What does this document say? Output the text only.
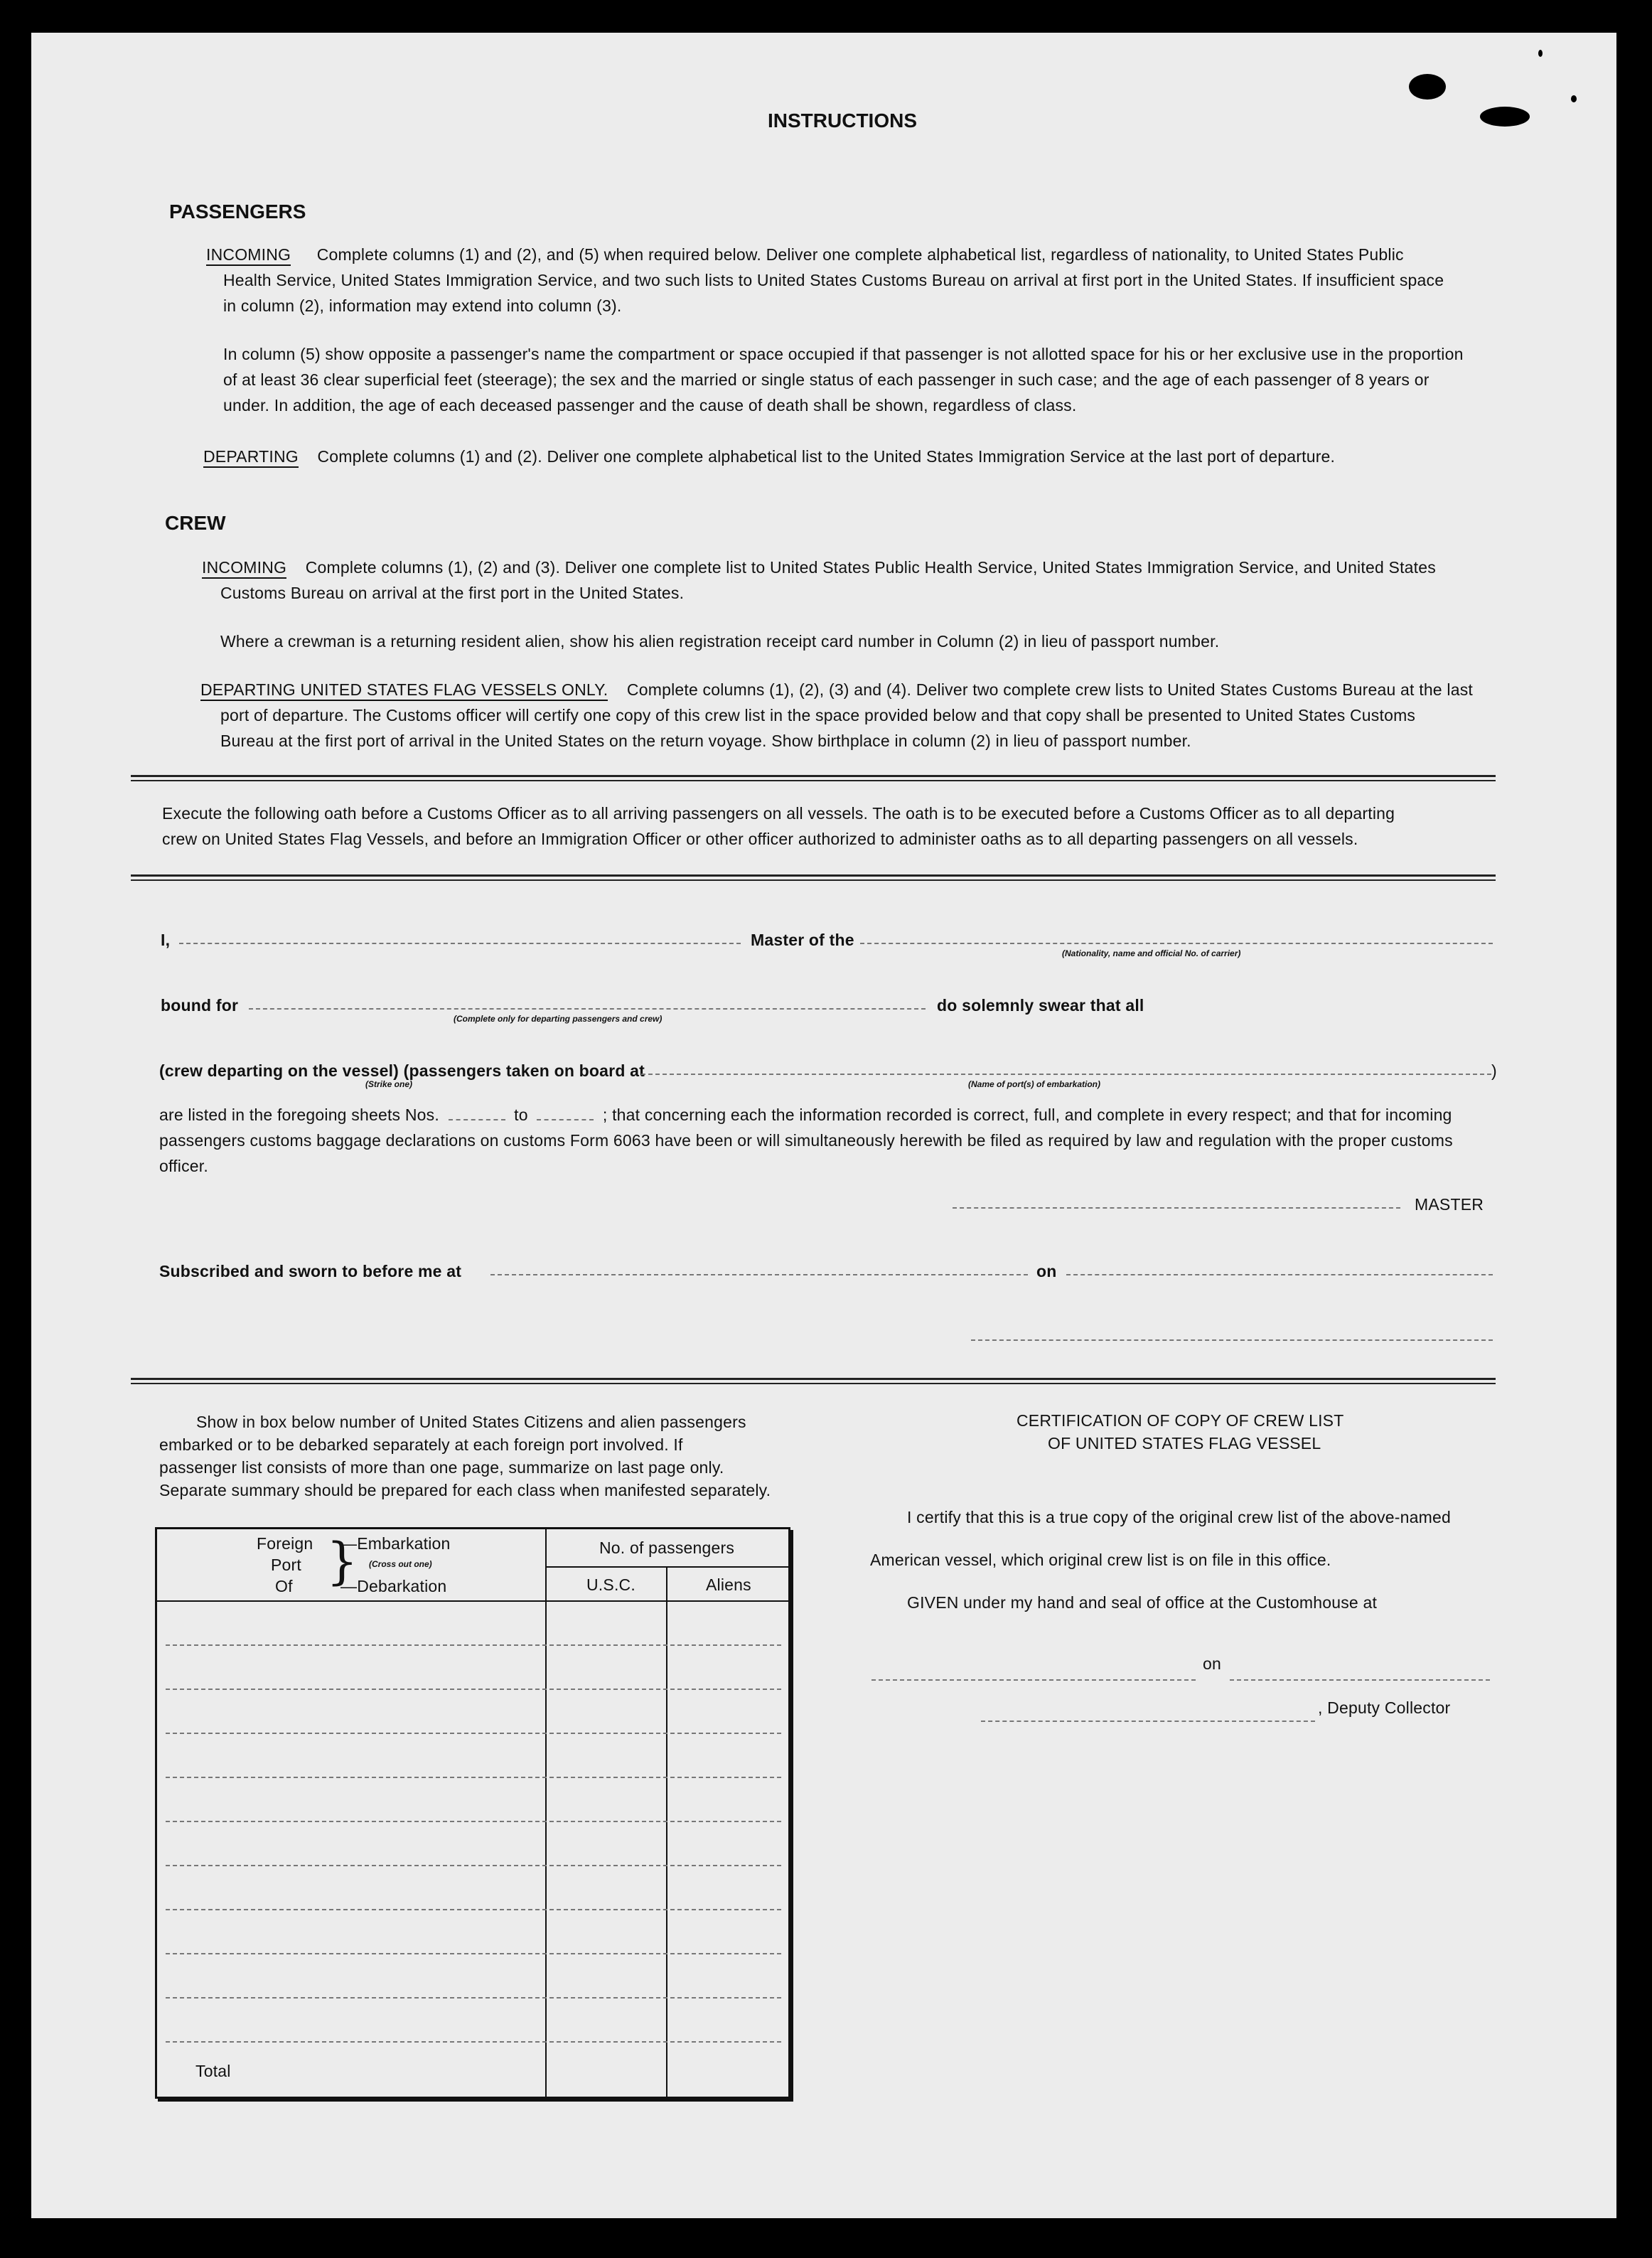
INSTRUCTIONS
PASSENGERS
INCOMING Complete columns (1) and (2), and (5) when required below. Deliver one complete alphabetical list, regardless of nationality, to United States Public
Health Service, United States Immigration Service, and two such lists to United States Customs Bureau on arrival at first port in the United States. If insufficient space
in column (2), information may extend into column (3).
In column (5) show opposite a passenger's name the compartment or space occupied if that passenger is not allotted space for his or her exclusive use in the proportion
of at least 36 clear superficial feet (steerage); the sex and the married or single status of each passenger in such case; and the age of each passenger of 8 years or
under. In addition, the age of each deceased passenger and the cause of death shall be shown, regardless of class.
DEPARTING Complete columns (1) and (2). Deliver one complete alphabetical list to the United States Immigration Service at the last port of departure.
CREW
INCOMING Complete columns (1), (2) and (3). Deliver one complete list to United States Public Health Service, United States Immigration Service, and United States
Customs Bureau on arrival at the first port in the United States.
Where a crewman is a returning resident alien, show his alien registration receipt card number in Column (2) in lieu of passport number.
DEPARTING UNITED STATES FLAG VESSELS ONLY. Complete columns (1), (2), (3) and (4). Deliver two complete crew lists to United States Customs Bureau at the last
port of departure. The Customs officer will certify one copy of this crew list in the space provided below and that copy shall be presented to United States Customs
Bureau at the first port of arrival in the United States on the return voyage. Show birthplace in column (2) in lieu of passport number.
Execute the following oath before a Customs Officer as to all arriving passengers on all vessels. The oath is to be executed before a Customs Officer as to all departing
crew on United States Flag Vessels, and before an Immigration Officer or other officer authorized to administer oaths as to all departing passengers on all vessels.
I,	Master of the
(Nationality, name and official No. of carrier)
bound for
(Complete only for departing passengers and crew)
do solemnly swear that all
(crew departing on the vessel) (passengers taken on board at	)
(Strike one)	(Name of port(s) of embarkation)
are listed in the foregoing sheets Nos.	to	; that concerning each the information recorded is correct, full, and complete in every respect; and that for incoming
passengers customs baggage declarations on customs Form 6063 have been or will simultaneously herewith be filed as required by law and regulation with the proper customs
officer.
MASTER
Subscribed and sworn to before me at	on
Show in box below number of United States Citizens and alien passengers
embarked or to be debarked separately at each foreign port involved. If
passenger list consists of more than one page, summarize on last page only.
Separate summary should be prepared for each class when manifested separately.
Foreign
Port
Of }
—Embarkation
(Cross out one)
—Debarkation
No. of passengers
U.S.C.	Aliens
Total
CERTIFICATION OF COPY OF CREW LIST
OF UNITED STATES FLAG VESSEL
I certify that this is a true copy of the original crew list of the above-named
American vessel, which original crew list is on file in this office.
GIVEN under my hand and seal of office at the Customhouse at
on
, Deputy Collector
